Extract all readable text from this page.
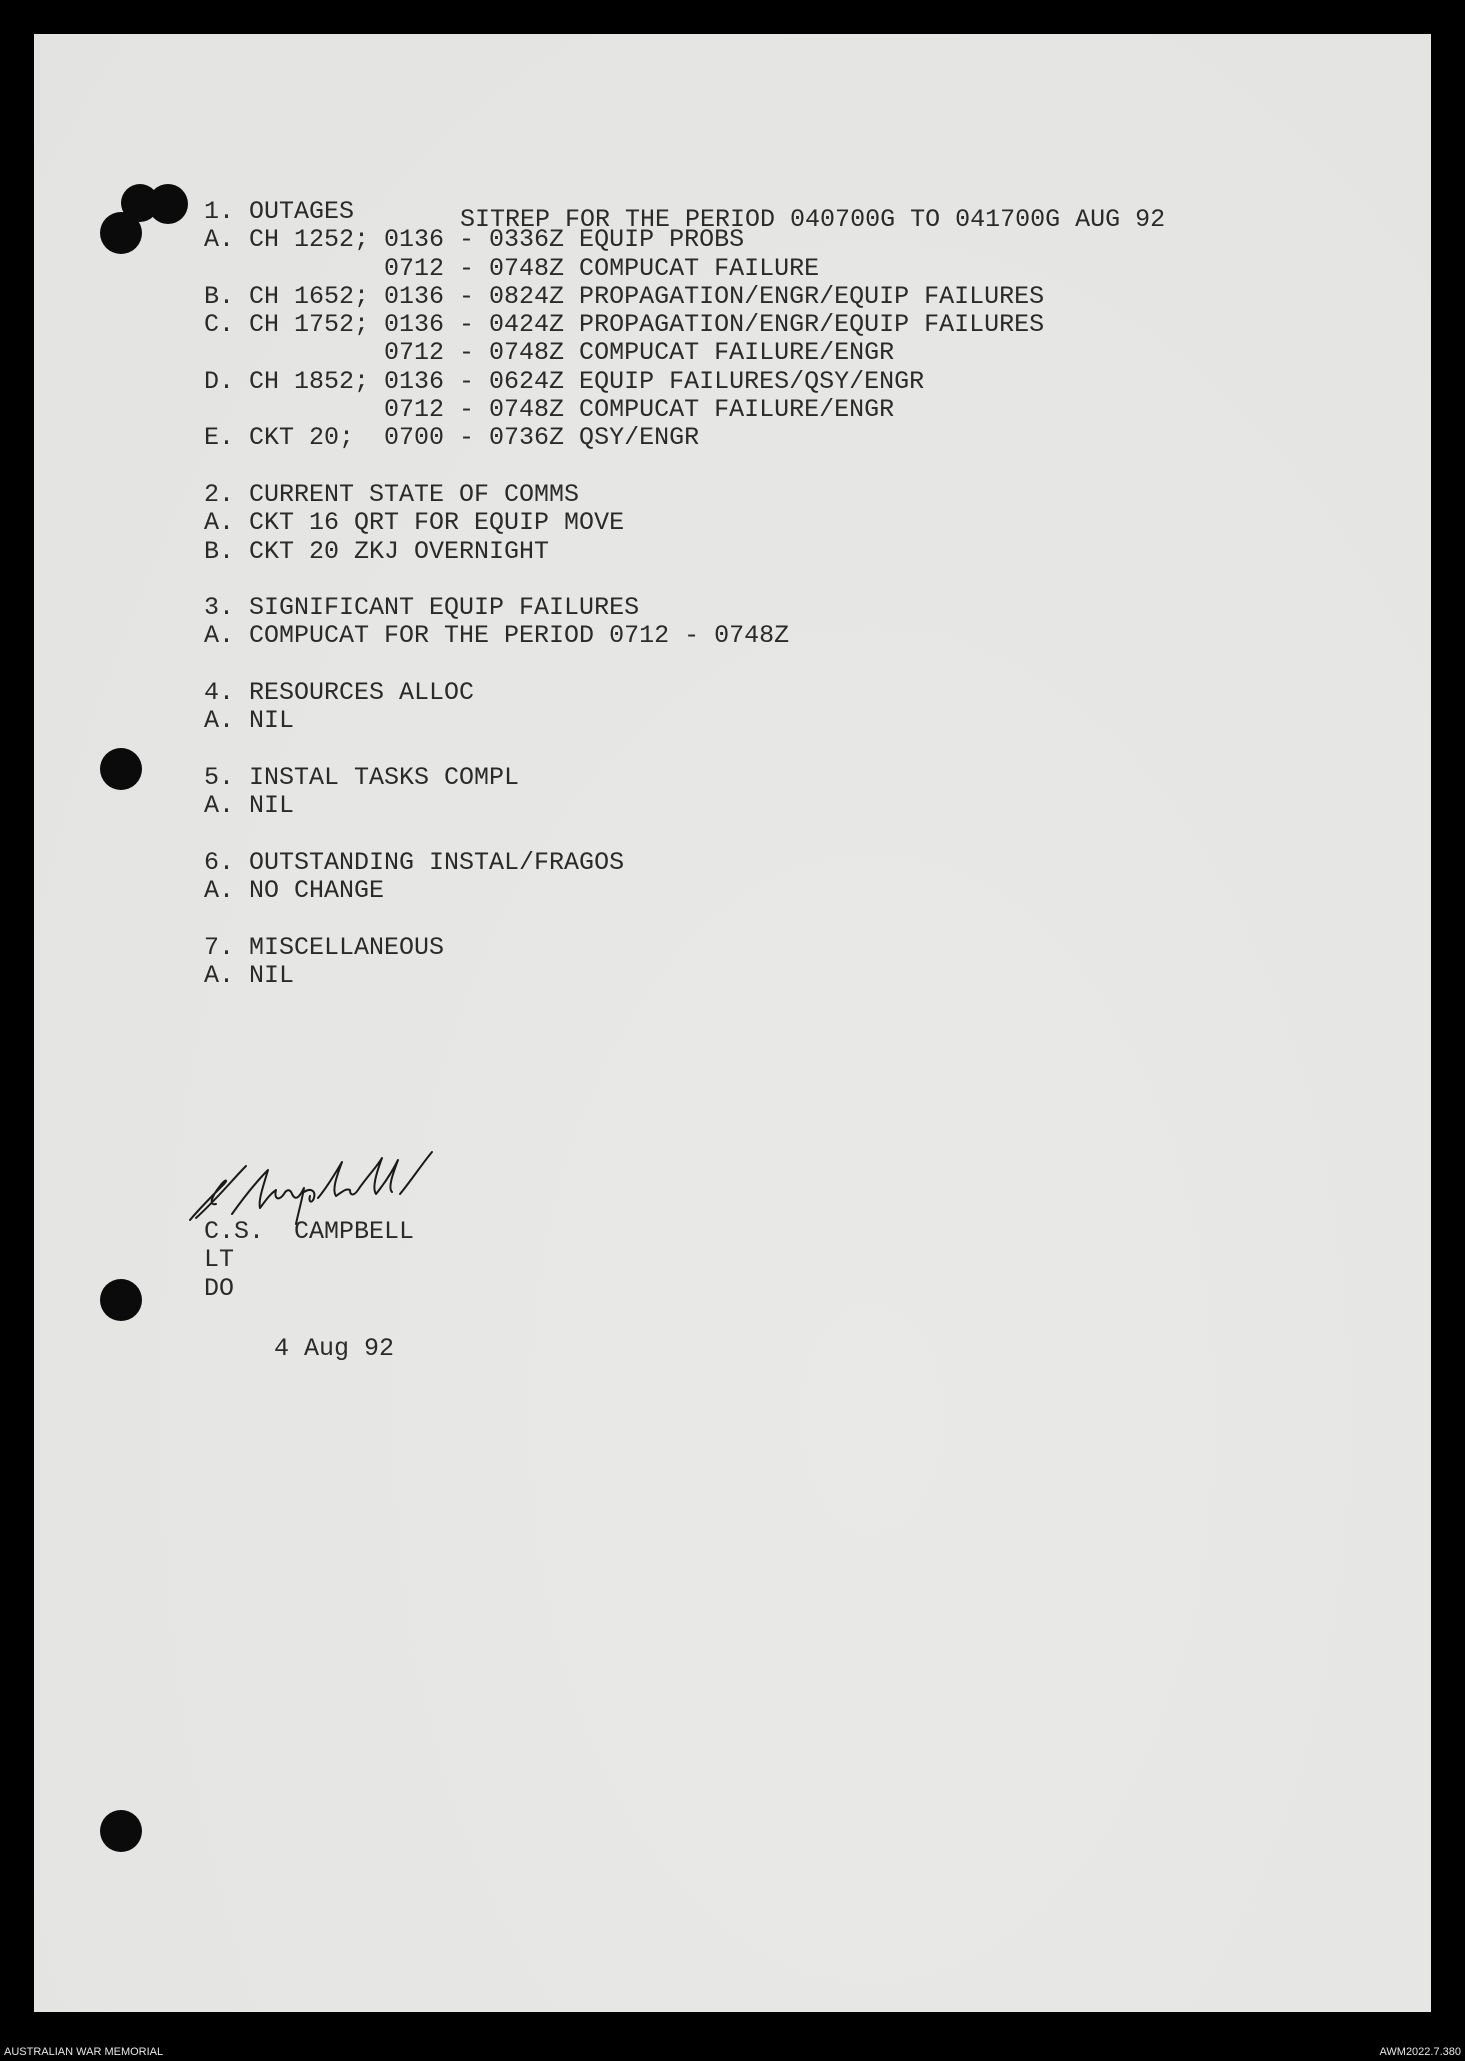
SITREP FOR THE PERIOD 040700G TO 041700G AUG 92
1. OUTAGES
A. CH 1252; 0136 - 0336Z EQUIP PROBS
0712 - 0748Z COMPUCAT FAILURE
B. CH 1652; 0136 - 0824Z PROPAGATION/ENGR/EQUIP FAILURES
C. CH 1752; 0136 - 0424Z PROPAGATION/ENGR/EQUIP FAILURES
0712 - 0748Z COMPUCAT FAILURE/ENGR
D. CH 1852; 0136 - 0624Z EQUIP FAILURES/QSY/ENGR
0712 - 0748Z COMPUCAT FAILURE/ENGR
E. CKT 20;  0700 - 0736Z QSY/ENGR
2. CURRENT STATE OF COMMS
A. CKT 16 QRT FOR EQUIP MOVE
B. CKT 20 ZKJ OVERNIGHT
3. SIGNIFICANT EQUIP FAILURES
A. COMPUCAT FOR THE PERIOD 0712 - 0748Z
4. RESOURCES ALLOC
A. NIL
5. INSTAL TASKS COMPL
A. NIL
6. OUTSTANDING INSTAL/FRAGOS
A. NO CHANGE
7. MISCELLANEOUS
A. NIL
C.S.  CAMPBELL
LT
DO
4 Aug 92
AUSTRALIAN WAR MEMORIAL	AWM2022.7.380
